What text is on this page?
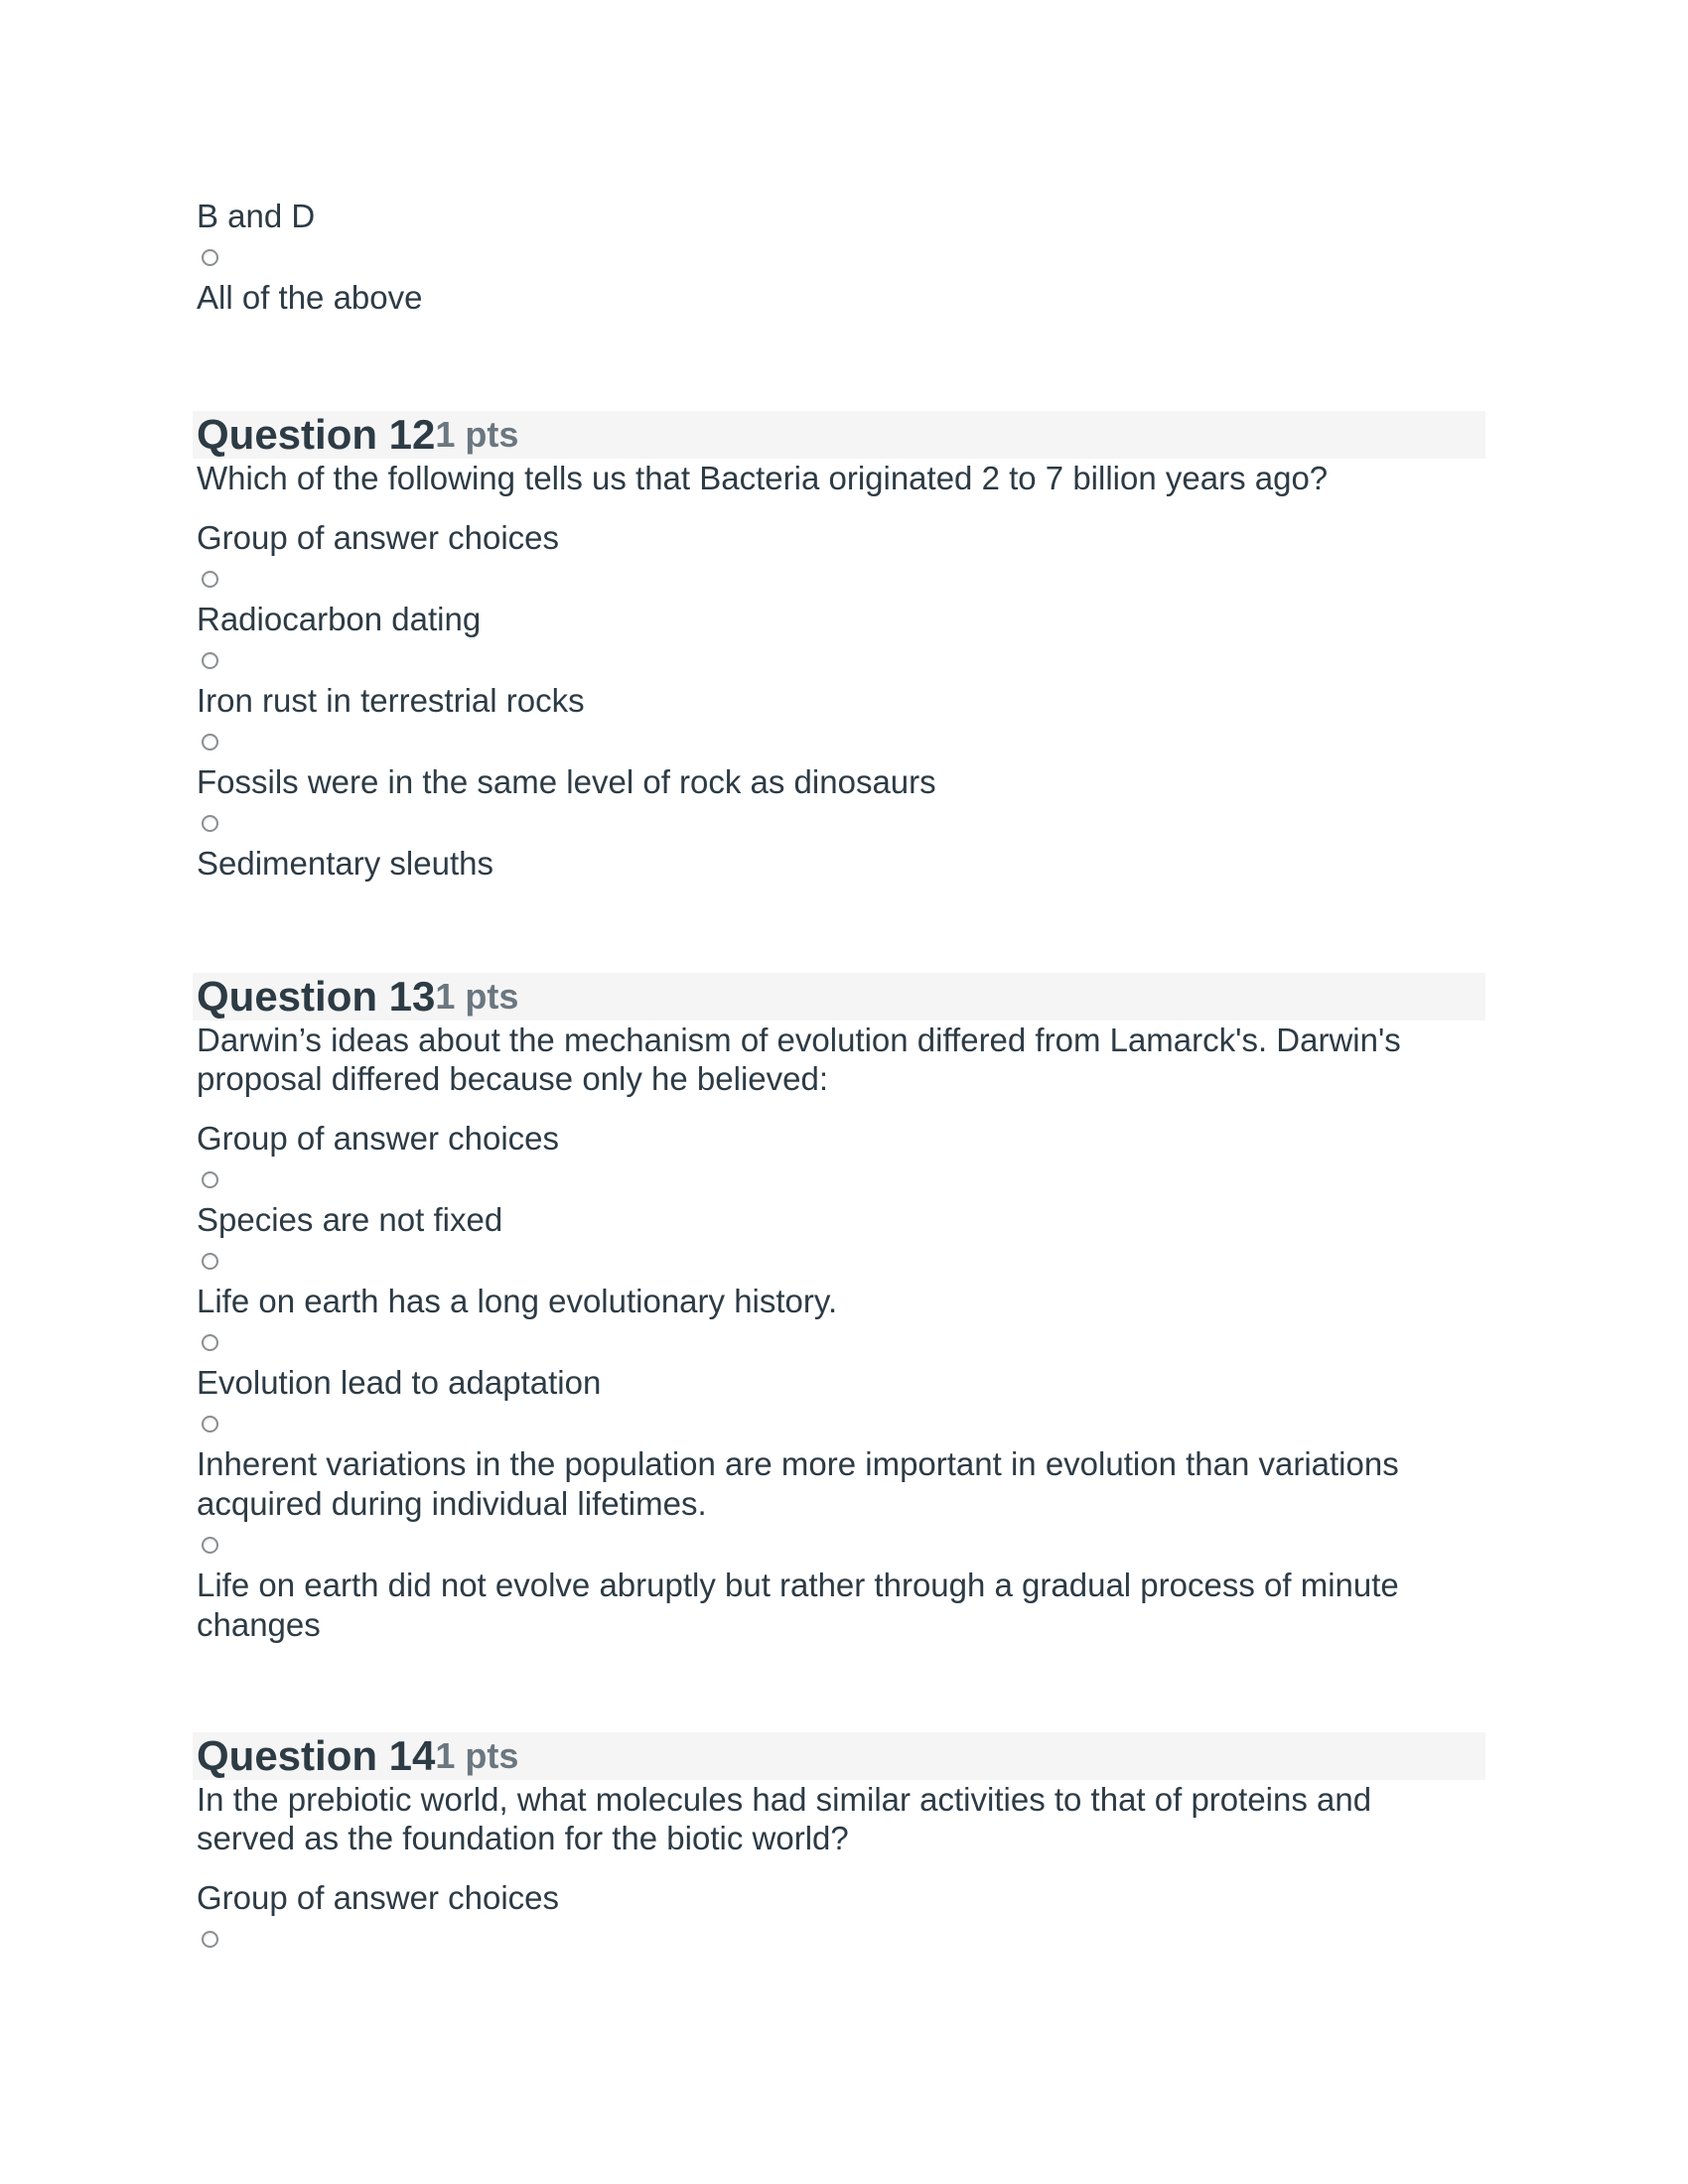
B and D
All of the above
Question 12 1 pts
Which of the following tells us that Bacteria originated 2 to 7 billion years ago?
Group of answer choices
Radiocarbon dating
Iron rust in terrestrial rocks
Fossils were in the same level of rock as dinosaurs
Sedimentary sleuths
Question 13 1 pts
Darwin’s ideas about the mechanism of evolution differed from Lamarck's. Darwin's proposal differed because only he believed:
Group of answer choices
Species are not fixed
Life on earth has a long evolutionary history.
Evolution lead to adaptation
Inherent variations in the population are more important in evolution than variations acquired during individual lifetimes.
Life on earth did not evolve abruptly but rather through a gradual process of minute changes
Question 14 1 pts
In the prebiotic world, what molecules had similar activities to that of proteins and served as the foundation for the biotic world?
Group of answer choices
